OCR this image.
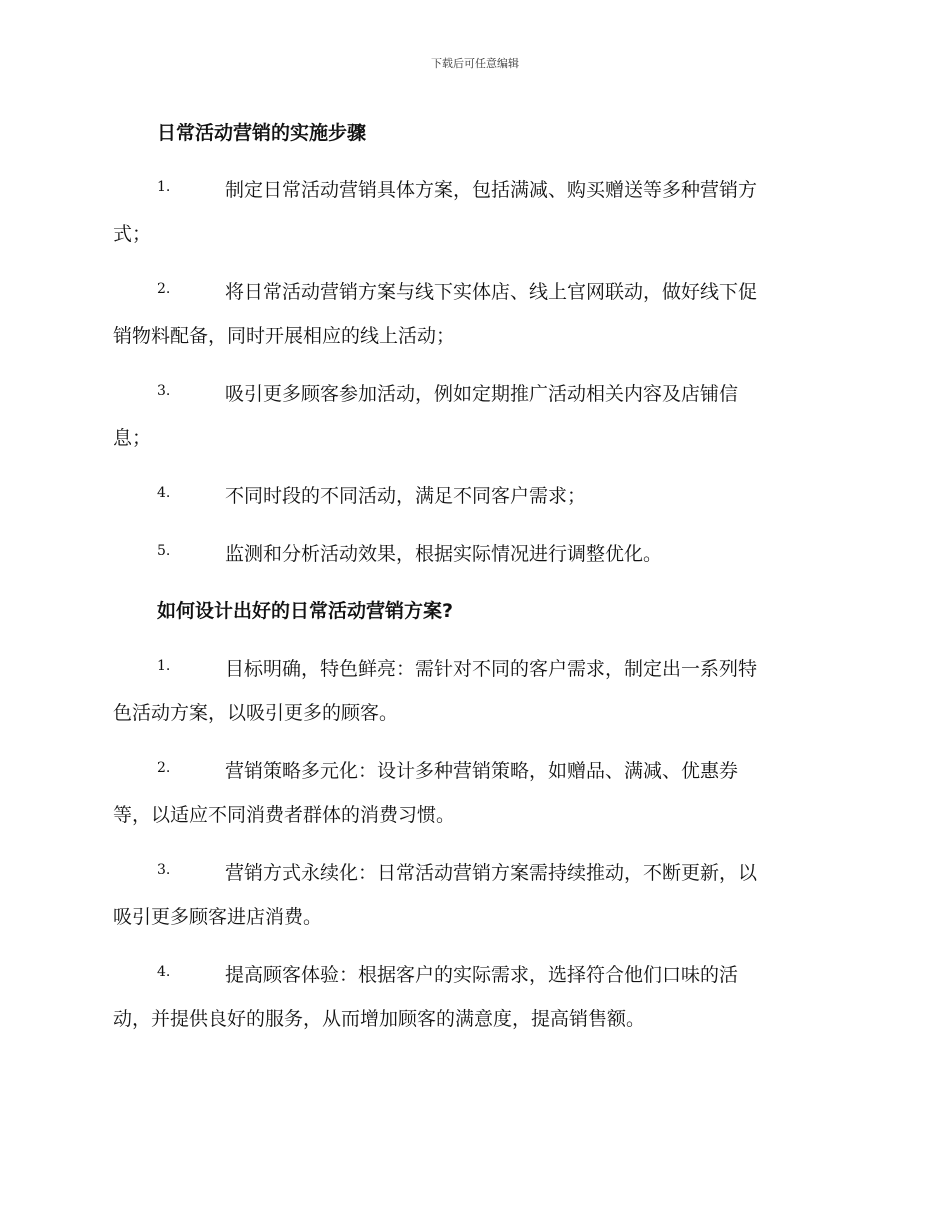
下载后可任意编辑
日常活动营销的实施步骤
1.	制定日常活动营销具体方案，包括满减、购买赠送等多种营销方
式；
2.	将日常活动营销方案与线下实体店、线上官网联动，做好线下促
销物料配备，同时开展相应的线上活动；
3.	吸引更多顾客参加活动，例如定期推广活动相关内容及店铺信
息；
4.	不同时段的不同活动，满足不同客户需求；
5.	监测和分析活动效果，根据实际情况进行调整优化。
如何设计出好的日常活动营销方案?
1.	目标明确，特色鲜亮：需针对不同的客户需求，制定出一系列特
色活动方案，以吸引更多的顾客。
2.	营销策略多元化：设计多种营销策略，如赠品、满减、优惠券
等，以适应不同消费者群体的消费习惯。
3.	营销方式永续化：日常活动营销方案需持续推动，不断更新，以
吸引更多顾客进店消费。
4.	提高顾客体验：根据客户的实际需求，选择符合他们口味的活
动，并提供良好的服务，从而增加顾客的满意度，提高销售额。
